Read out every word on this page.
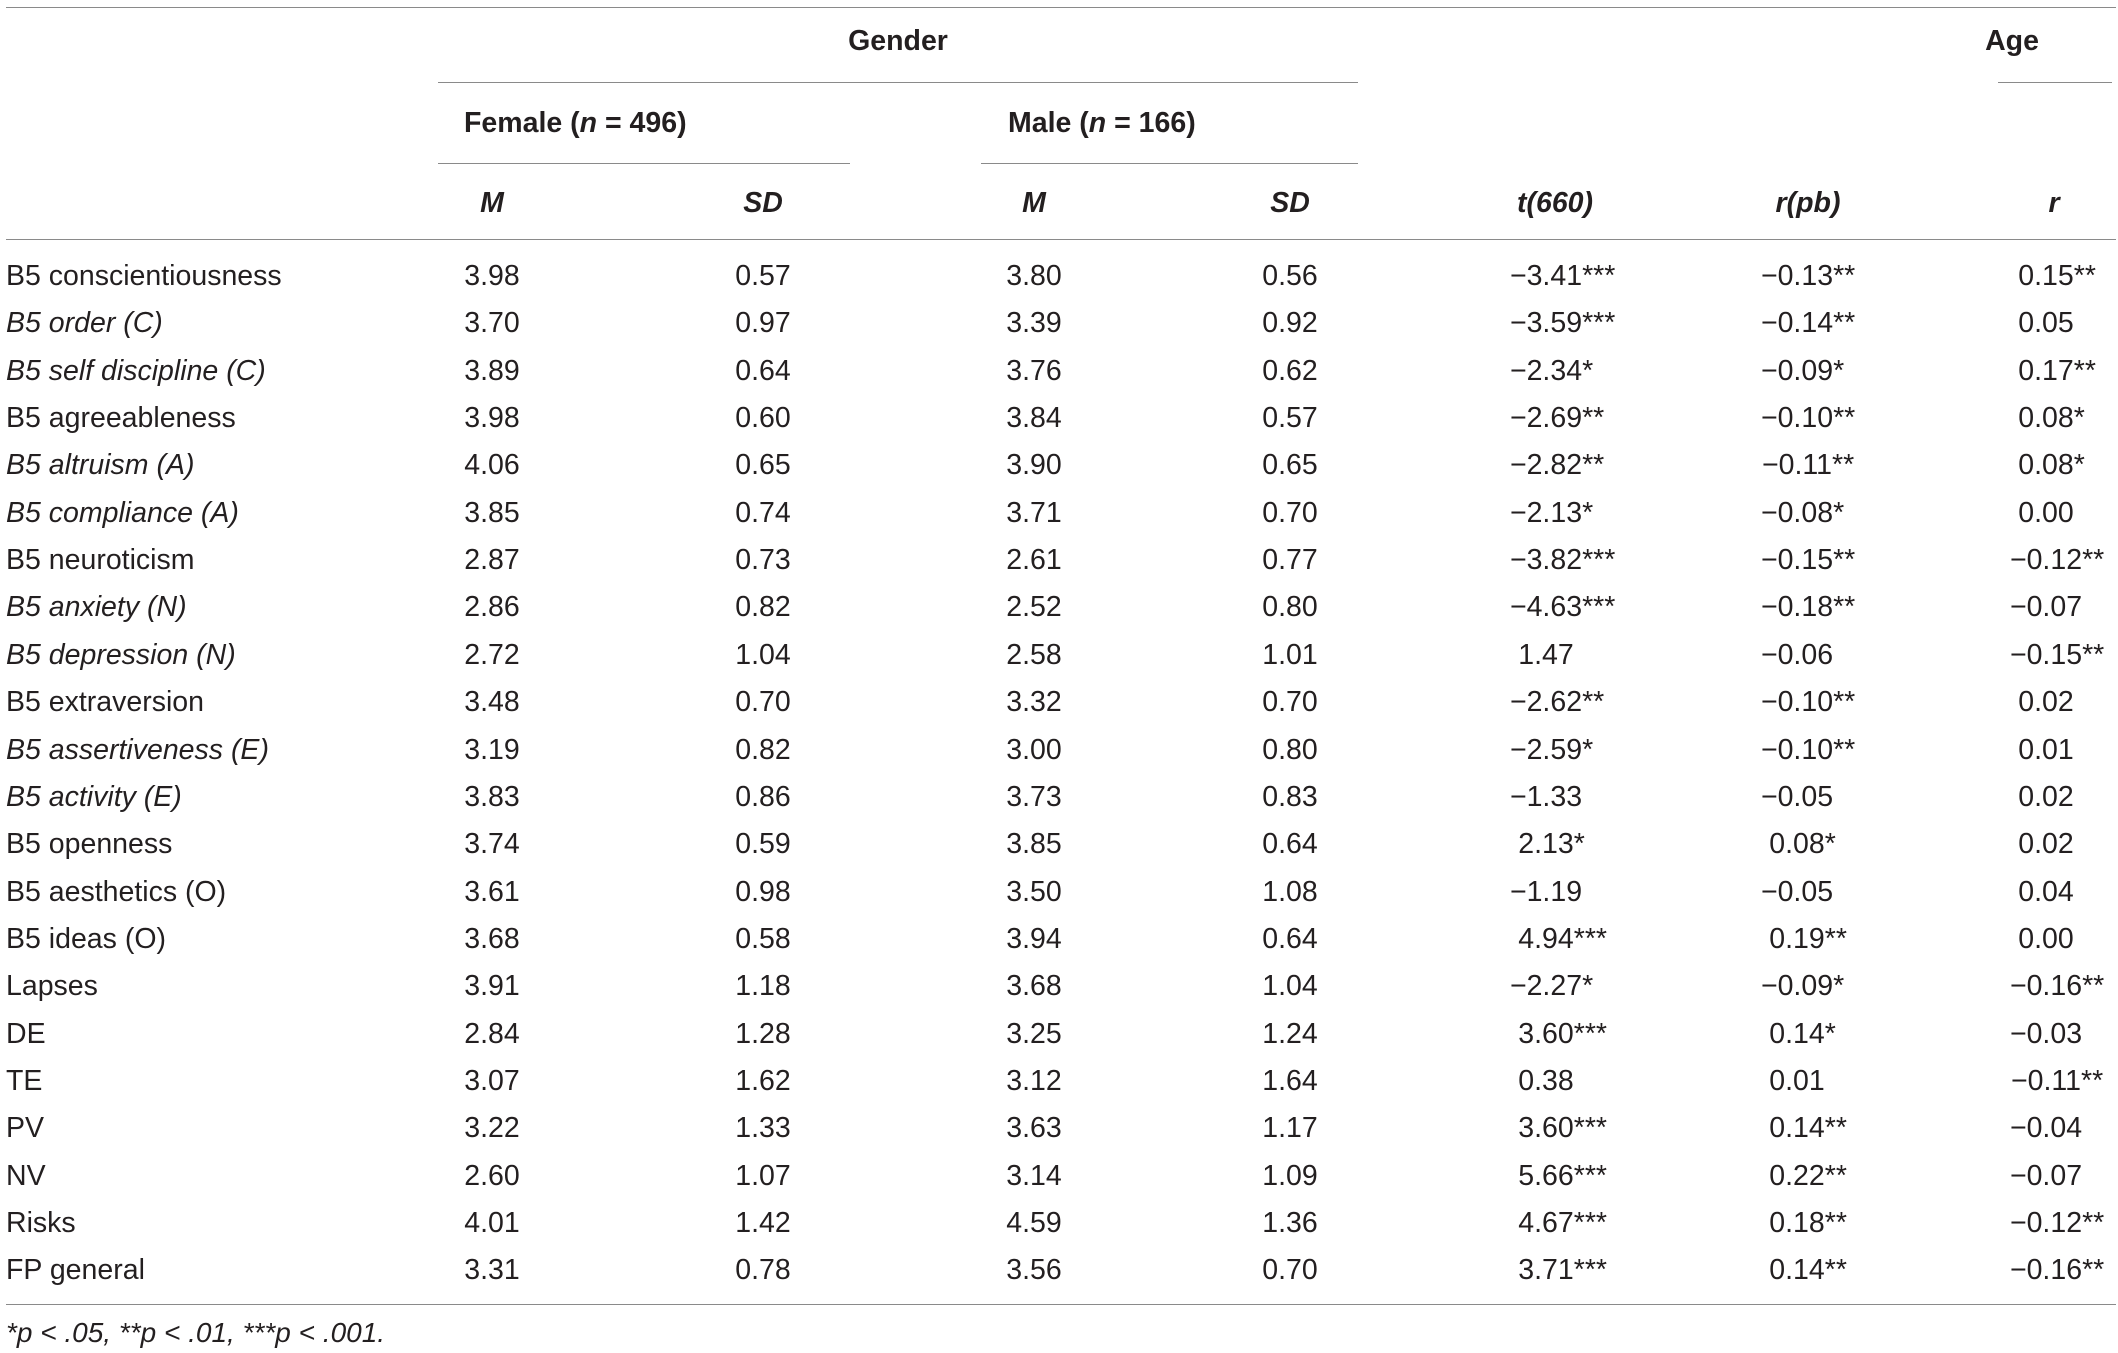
Gender	Age
Female (n = 496)	Male (n = 166)
M	SD	M	SD	t(660)	r(pb)	r
B5 conscientiousness	3.98	0.57	3.80	0.56	−3.41***	−0.13**	0.15**
B5 order (C)	3.70	0.97	3.39	0.92	−3.59***	−0.14**	0.05
B5 self discipline (C)	3.89	0.64	3.76	0.62	−2.34*	−0.09*	0.17**
B5 agreeableness	3.98	0.60	3.84	0.57	−2.69**	−0.10**	0.08*
B5 altruism (A)	4.06	0.65	3.90	0.65	−2.82**	−0.11**	0.08*
B5 compliance (A)	3.85	0.74	3.71	0.70	−2.13*	−0.08*	0.00
B5 neuroticism	2.87	0.73	2.61	0.77	−3.82***	−0.15**	−0.12**
B5 anxiety (N)	2.86	0.82	2.52	0.80	−4.63***	−0.18**	−0.07
B5 depression (N)	2.72	1.04	2.58	1.01	1.47	−0.06	−0.15**
B5 extraversion	3.48	0.70	3.32	0.70	−2.62**	−0.10**	0.02
B5 assertiveness (E)	3.19	0.82	3.00	0.80	−2.59*	−0.10**	0.01
B5 activity (E)	3.83	0.86	3.73	0.83	−1.33	−0.05	0.02
B5 openness	3.74	0.59	3.85	0.64	2.13*	0.08*	0.02
B5 aesthetics (O)	3.61	0.98	3.50	1.08	−1.19	−0.05	0.04
B5 ideas (O)	3.68	0.58	3.94	0.64	4.94***	0.19**	0.00
Lapses	3.91	1.18	3.68	1.04	−2.27*	−0.09*	−0.16**
DE	2.84	1.28	3.25	1.24	3.60***	0.14*	−0.03
TE	3.07	1.62	3.12	1.64	0.38	0.01	−0.11**
PV	3.22	1.33	3.63	1.17	3.60***	0.14**	−0.04
NV	2.60	1.07	3.14	1.09	5.66***	0.22**	−0.07
Risks	4.01	1.42	4.59	1.36	4.67***	0.18**	−0.12**
FP general	3.31	0.78	3.56	0.70	3.71***	0.14**	−0.16**
*p < .05, **p < .01, ***p < .001.
